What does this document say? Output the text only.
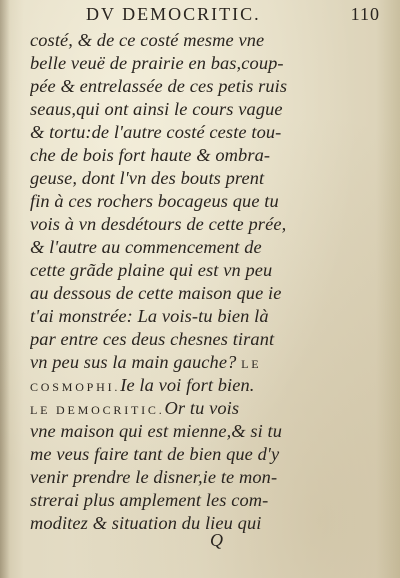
DV DEMOCRITIC.	110
costé, & de ce costé mesme vne
belle veuë de prairie en bas,coup-
pée & entrelassée de ces petis ruis
seaus,qui ont ainsi le cours vague
& tortu:de l'autre costé ceste tou-
che de bois fort haute & ombra-
geuse, dont l'vn des bouts prent
fin à ces rochers bocageus que tu
vois à vn desdétours de cette prée,
& l'autre au commencement de
cette grãde plaine qui est vn peu
au dessous de cette maison que ie
t'ai monstrée: La vois-tu bien là
par entre ces deus chesnes tirant
vn peu sus la main gauche? LE
COSMOPHI.Ie la voi fort bien.
LE DEMOCRITIC.Or tu vois
vne maison qui est mienne,& si tu
me veus faire tant de bien que d'y
venir prendre le disner,ie te mon-
strerai plus amplement les com-
moditez & situation du lieu qui
Q
